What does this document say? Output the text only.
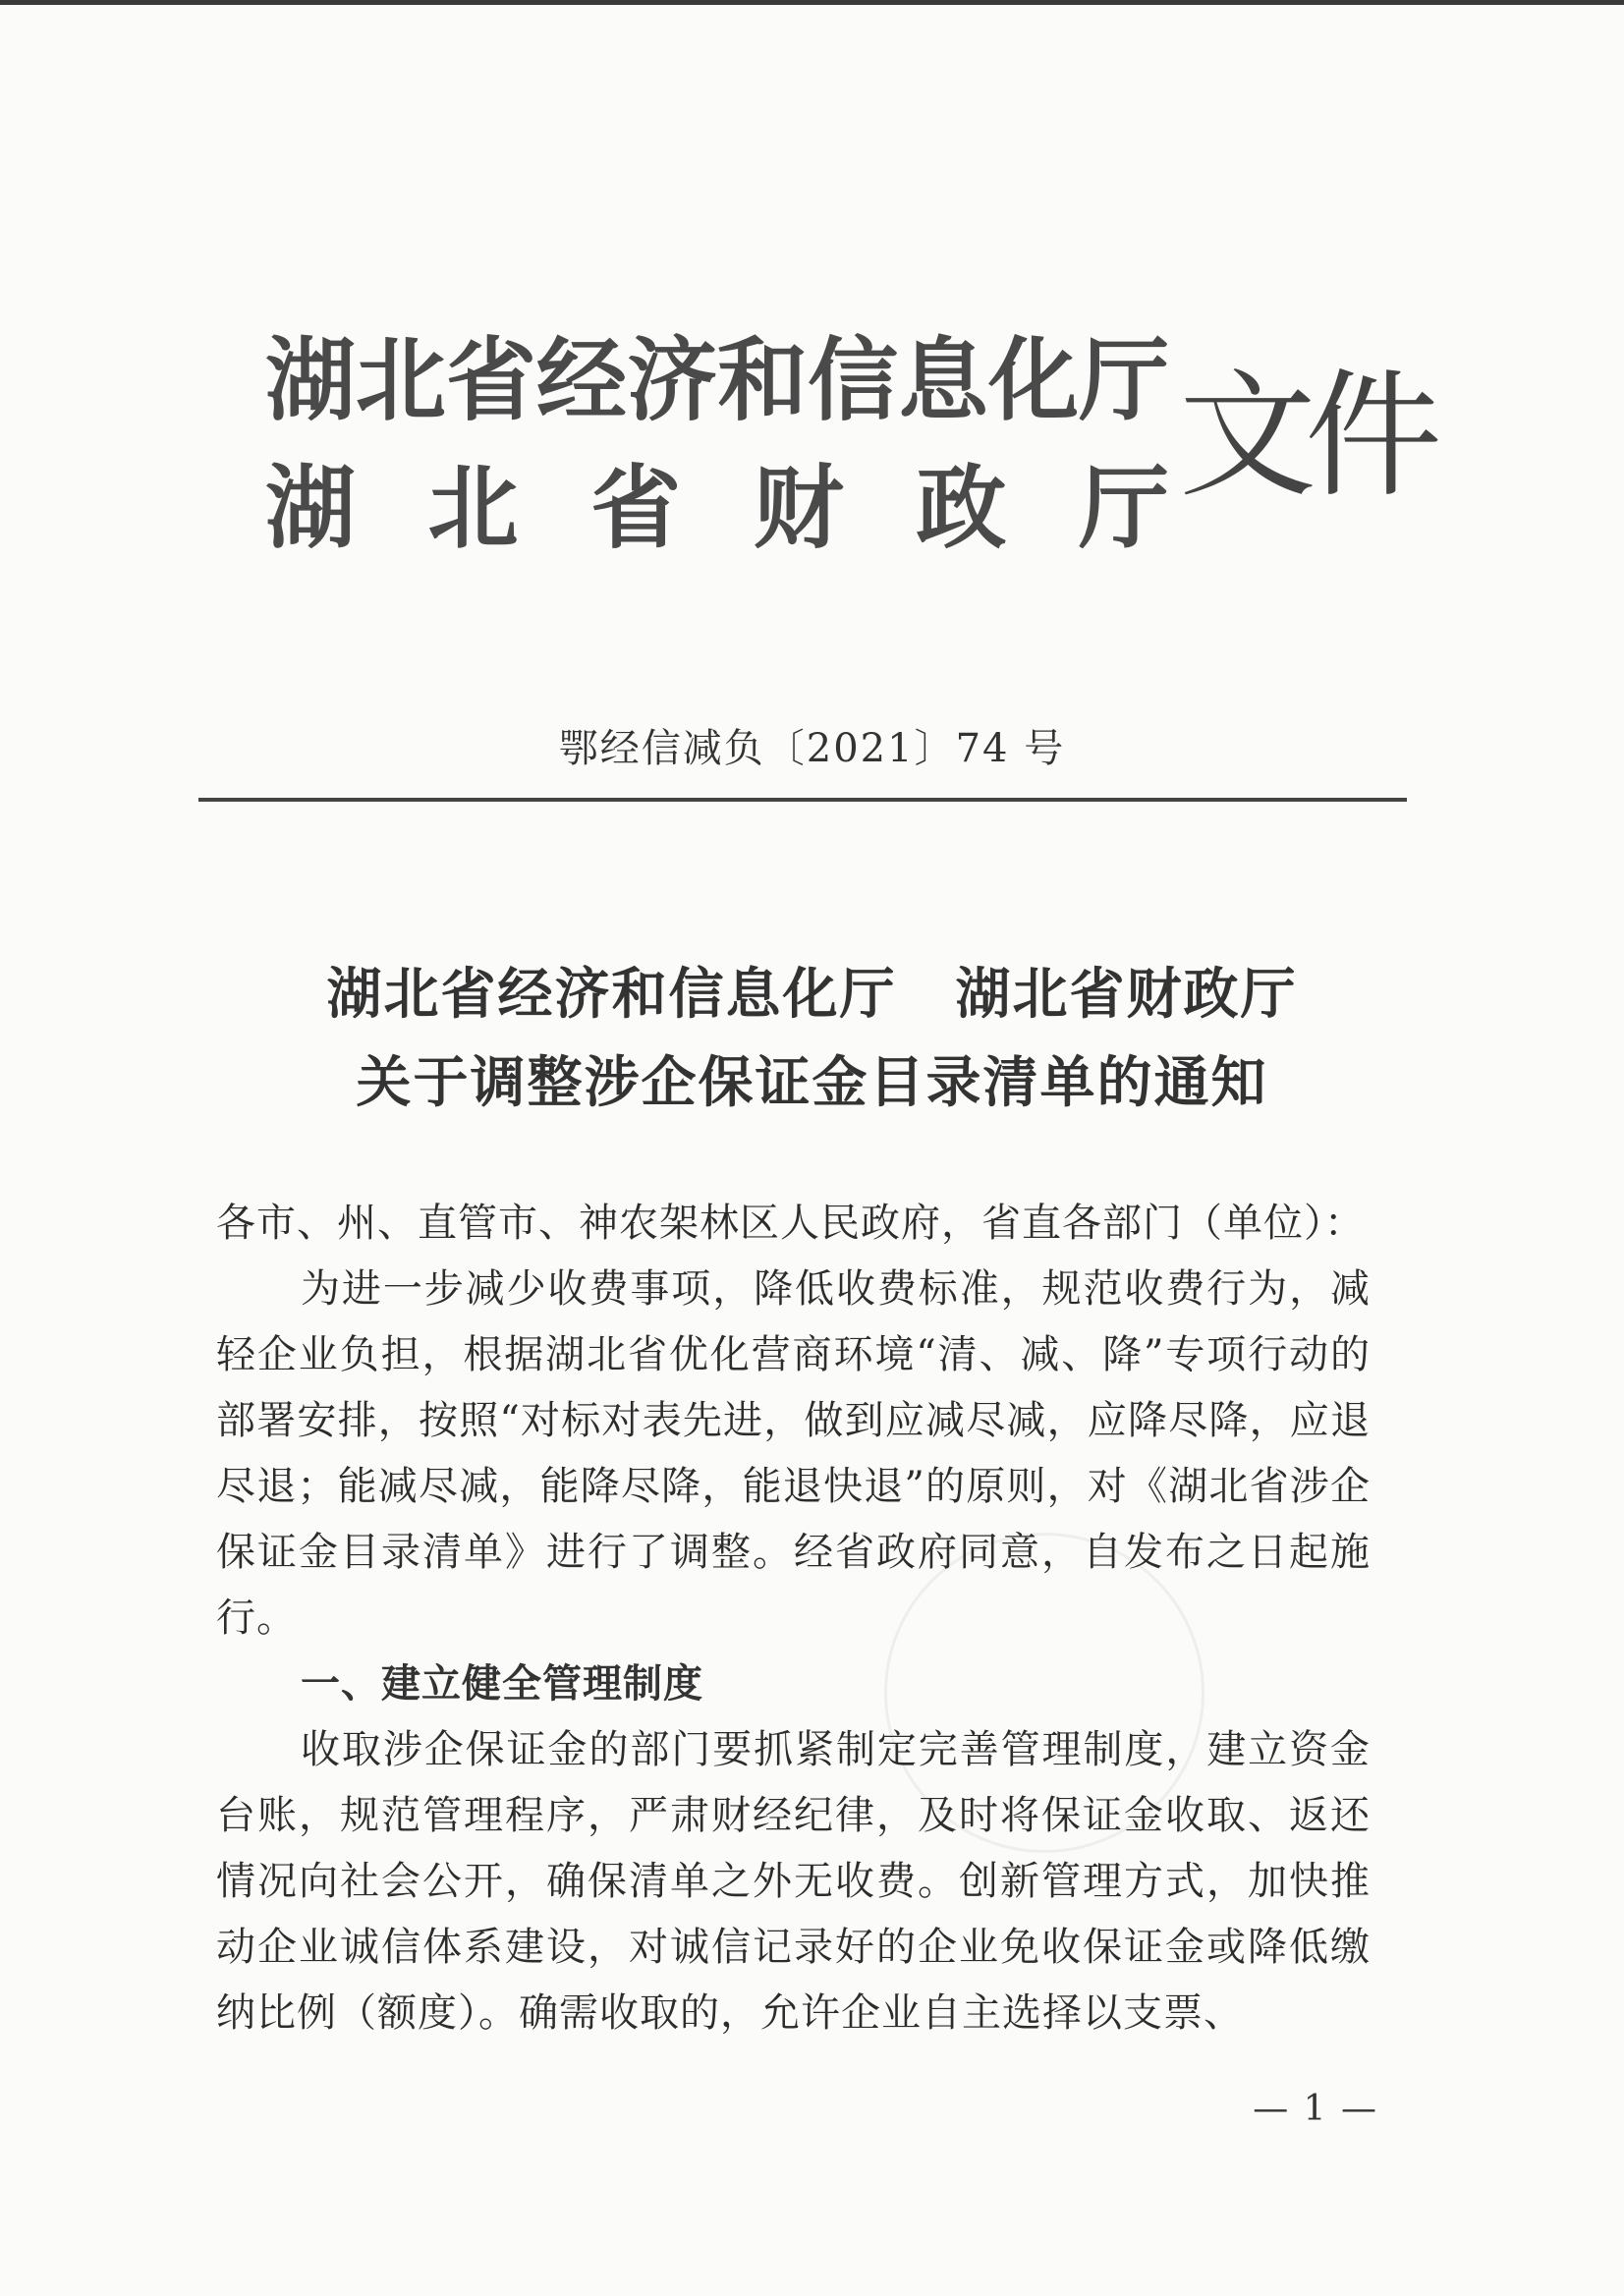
湖 北 省 经 济 和 信 息 化 厅
湖 北 省 财 政 厅 文件
鄂经信减负〔2021〕74 号
湖北省经济和信息化厅 湖北省财政厅
关于调整涉企保证金目录清单的通知

各市、州、直管市、神农架林区人民政府，省直各部门（单位）：

为进一步减少收费事项，降低收费标准，规范收费行为，减轻企业负担，根据湖北省优化营商环境“清、减、降”专项行动的部署安排，按照“对标对表先进，做到应减尽减，应降尽降，应退尽退；能减尽减，能降尽降，能退快退”的原则，对《湖北省涉企保证金目录清单》进行了调整。经省政府同意，自发布之日起施行。

一、建立健全管理制度

收取涉企保证金的部门要抓紧制定完善管理制度，建立资金台账，规范管理程序，严肃财经纪律，及时将保证金收取、返还情况向社会公开，确保清单之外无收费。创新管理方式，加快推动企业诚信体系建设，对诚信记录好的企业免收保证金或降低缴纳比例（额度）。确需收取的，允许企业自主选择以支票、

— 1 —
